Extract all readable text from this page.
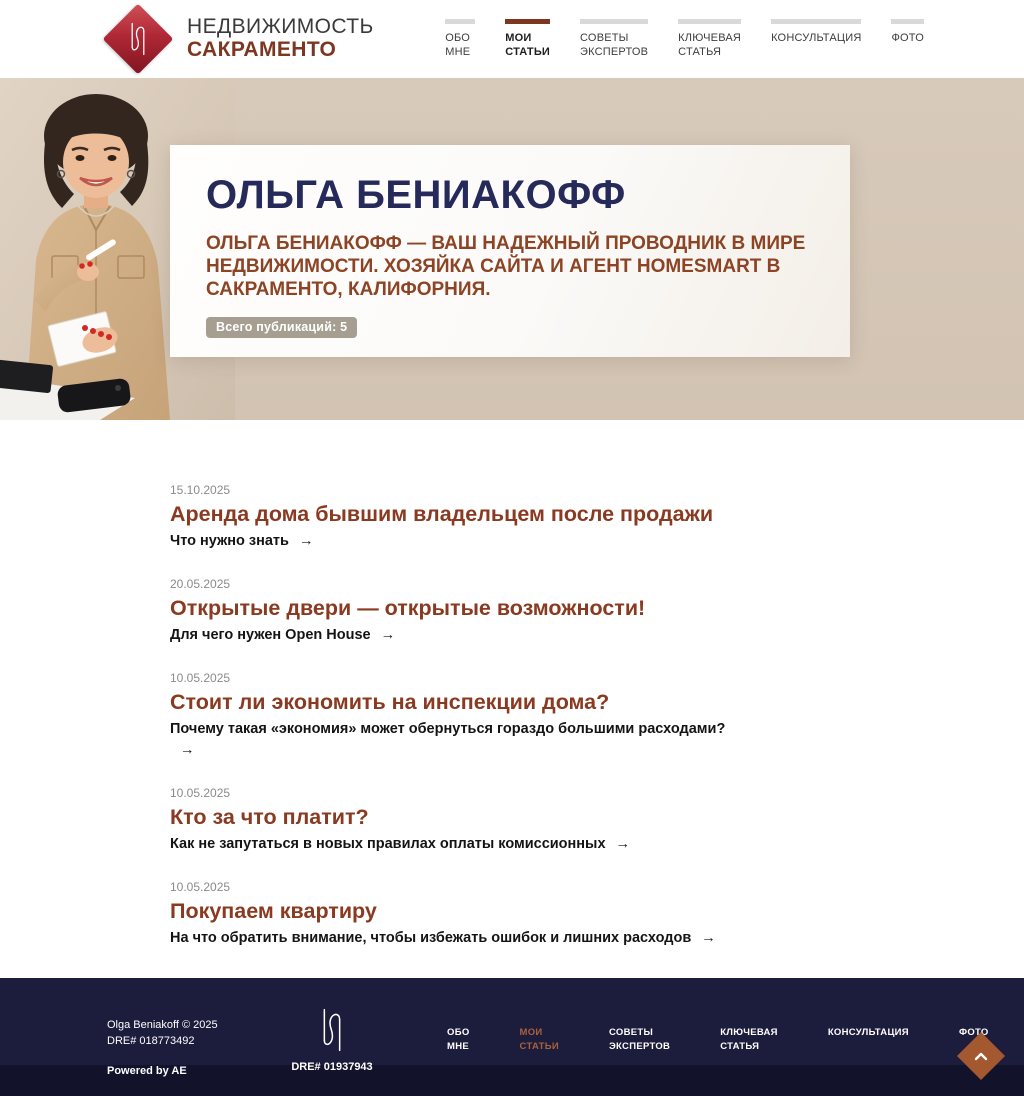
НЕДВИЖИМОСТЬ
САКРАМЕНТО
ОБО
МНЕ
МОИ
СТАТЬИ
СОВЕТЫ
ЭКСПЕРТОВ
КЛЮЧЕВАЯ
СТАТЬЯ
КОНСУЛЬТАЦИЯ	ФОТО
ОЛЬГА БЕНИАКОФФ

ОЛЬГА БЕНИАКОФФ — ВАШ НАДЕЖНЫЙ ПРОВОДНИК В МИРЕ НЕДВИЖИМОСТИ. ХОЗЯЙКА САЙТА И АГЕНТ HOMESMART В САКРАМЕНТО, КАЛИФОРНИЯ.

Всего публикаций: 5
15.10.2025
Аренда дома бывшим владельцем после продажи
Что нужно знать →
20.05.2025
Открытые двери — открытые возможности!
Для чего нужен Open House →
10.05.2025
Стоит ли экономить на инспекции дома?
Почему такая «экономия» может обернуться гораздо большими расходами?→
10.05.2025
Кто за что платит?
Как не запутаться в новых правилах оплаты комиссионных →
10.05.2025
Покупаем квартиру
На что обратить внимание, чтобы избежать ошибок и лишних расходов →
Olga Beniakoff © 2025
DRE# 018773492
Powered by AE	DRE# 01937943
ОБО
МНЕ
МОИ
СТАТЬИ
СОВЕТЫ
ЭКСПЕРТОВ
КЛЮЧЕВАЯ
СТАТЬЯ
КОНСУЛЬТАЦИЯ	ФОТО
